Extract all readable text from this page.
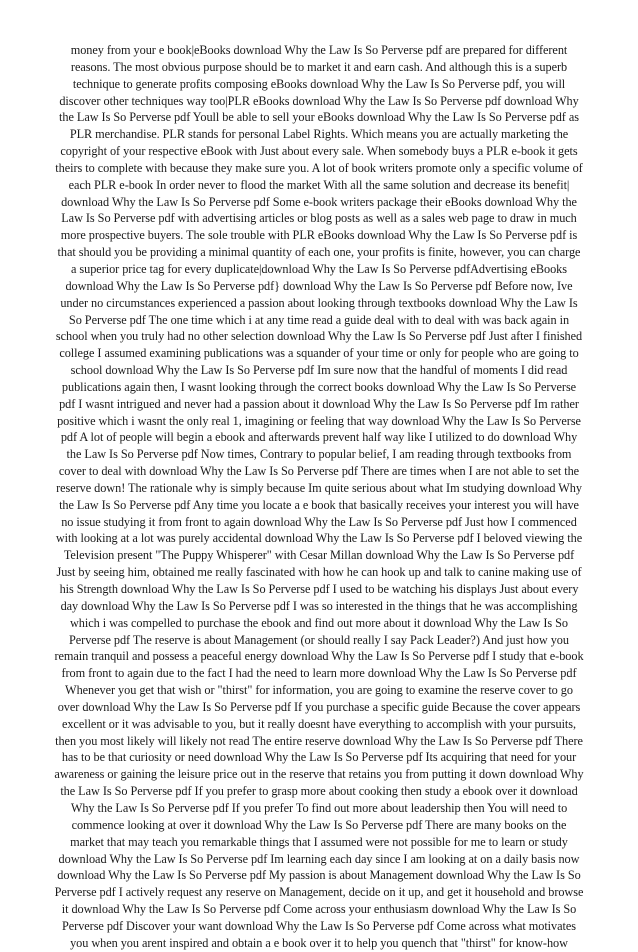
money from your e book|eBooks download Why the Law Is So Perverse pdf are prepared for different
reasons. The most obvious purpose should be to market it and earn cash. And although this is a superb
technique to generate profits composing eBooks download Why the Law Is So Perverse pdf, you will
discover other techniques way too|PLR eBooks download Why the Law Is So Perverse pdf download Why
the Law Is So Perverse pdf Youll be able to sell your eBooks download Why the Law Is So Perverse pdf as
PLR merchandise. PLR stands for personal Label Rights. Which means you are actually marketing the
copyright of your respective eBook with Just about every sale. When somebody buys a PLR e-book it gets
theirs to complete with because they make sure you. A lot of book writers promote only a specific volume of
each PLR e-book In order never to flood the market With all the same solution and decrease its benefit|
download Why the Law Is So Perverse pdf Some e-book writers package their eBooks download Why the
Law Is So Perverse pdf with advertising articles or blog posts as well as a sales web page to draw in much
more prospective buyers. The sole trouble with PLR eBooks download Why the Law Is So Perverse pdf is
that should you be providing a minimal quantity of each one, your profits is finite, however, you can charge
a superior price tag for every duplicate|download Why the Law Is So Perverse pdfAdvertising eBooks
download Why the Law Is So Perverse pdf} download Why the Law Is So Perverse pdf Before now, Ive
under no circumstances experienced a passion about looking through textbooks download Why the Law Is
So Perverse pdf The one time which i at any time read a guide deal with to deal with was back again in
school when you truly had no other selection download Why the Law Is So Perverse pdf Just after I finished
college I assumed examining publications was a squander of your time or only for people who are going to
school download Why the Law Is So Perverse pdf Im sure now that the handful of moments I did read
publications again then, I wasnt looking through the correct books download Why the Law Is So Perverse
pdf I wasnt intrigued and never had a passion about it download Why the Law Is So Perverse pdf Im rather
positive which i wasnt the only real 1, imagining or feeling that way download Why the Law Is So Perverse
pdf A lot of people will begin a ebook and afterwards prevent half way like I utilized to do download Why
the Law Is So Perverse pdf Now times, Contrary to popular belief, I am reading through textbooks from
cover to deal with download Why the Law Is So Perverse pdf There are times when I are not able to set the
reserve down! The rationale why is simply because Im quite serious about what Im studying download Why
the Law Is So Perverse pdf Any time you locate a e book that basically receives your interest you will have
no issue studying it from front to again download Why the Law Is So Perverse pdf Just how I commenced
with looking at a lot was purely accidental download Why the Law Is So Perverse pdf I beloved viewing the
Television present "The Puppy Whisperer" with Cesar Millan download Why the Law Is So Perverse pdf
Just by seeing him, obtained me really fascinated with how he can hook up and talk to canine making use of
his Strength download Why the Law Is So Perverse pdf I used to be watching his displays Just about every
day download Why the Law Is So Perverse pdf I was so interested in the things that he was accomplishing
which i was compelled to purchase the ebook and find out more about it download Why the Law Is So
Perverse pdf The reserve is about Management (or should really I say Pack Leader?) And just how you
remain tranquil and possess a peaceful energy download Why the Law Is So Perverse pdf I study that e-book
from front to again due to the fact I had the need to learn more download Why the Law Is So Perverse pdf
Whenever you get that wish or "thirst" for information, you are going to examine the reserve cover to go
over download Why the Law Is So Perverse pdf If you purchase a specific guide Because the cover appears
excellent or it was advisable to you, but it really doesnt have everything to accomplish with your pursuits,
then you most likely will likely not read The entire reserve download Why the Law Is So Perverse pdf There
has to be that curiosity or need download Why the Law Is So Perverse pdf Its acquiring that need for your
awareness or gaining the leisure price out in the reserve that retains you from putting it down download Why
the Law Is So Perverse pdf If you prefer to grasp more about cooking then study a ebook over it download
Why the Law Is So Perverse pdf If you prefer To find out more about leadership then You will need to
commence looking at over it download Why the Law Is So Perverse pdf There are many books on the
market that may teach you remarkable things that I assumed were not possible for me to learn or study
download Why the Law Is So Perverse pdf Im learning each day since I am looking at on a daily basis now
download Why the Law Is So Perverse pdf My passion is about Management download Why the Law Is So
Perverse pdf I actively request any reserve on Management, decide on it up, and get it household and browse
it download Why the Law Is So Perverse pdf Come across your enthusiasm download Why the Law Is So
Perverse pdf Discover your want download Why the Law Is So Perverse pdf Come across what motivates
you when you arent inspired and obtain a e book over it to help you quench that "thirst" for know-how
